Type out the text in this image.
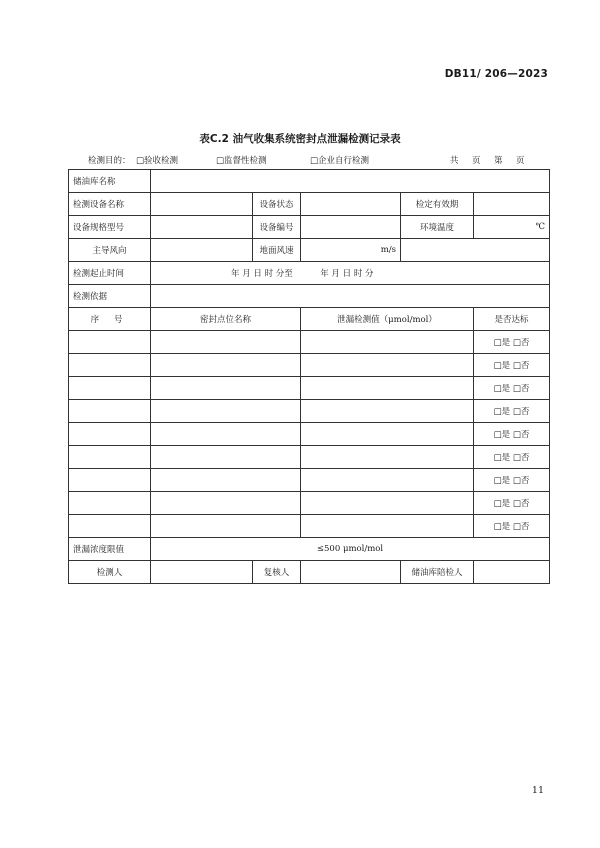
DB11/ 206—2023
表C.2 油气收集系统密封点泄漏检测记录表
检测目的： □验收检测	□监督性检测	□企业自行检测	共 页 第 页
储油库名称					
检测设备名称		设备状态		检定有效期	
设备规格型号		设备编号		环境温度	℃
主导风向		地面风速	m/s		
检测起止时间	年 月 日 时 分至 年 月 日 时 分				
检测依据					
序 号	密封点位名称		泄漏检测值（μmol/mol）		是否达标
					□是 □否
					□是 □否
					□是 □否
					□是 □否
					□是 □否
					□是 □否
					□是 □否
					□是 □否
					□是 □否
泄漏浓度限值	≤500 μmol/mol				
检测人		复核人		储油库陪检人	
11
